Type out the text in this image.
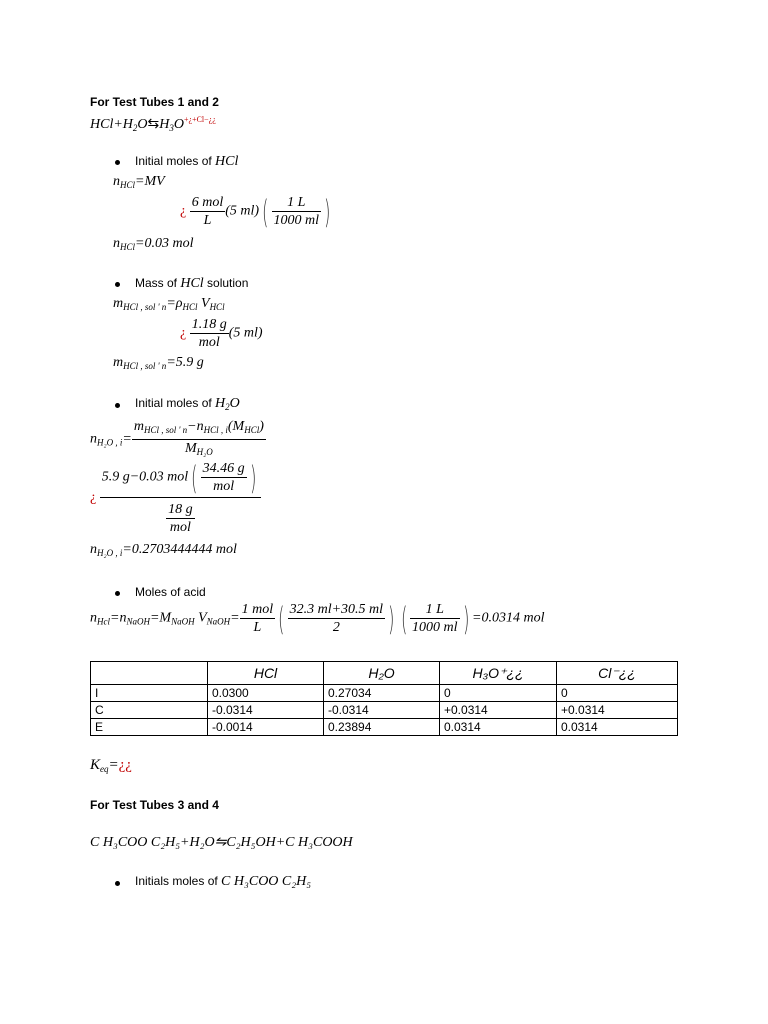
For Test Tubes 1 and 2
$HCl+H_2O⇆H_3O^{+¿+Cl-¿¿}$
Initial moles of HCl
$n_{HCl}=MV$
¿ $\frac{\text{6 mol}}{L} (5$ $ml)( \frac{1 L}{1000 ml}$ )
$n_{HCl}=0.03$ mol
Mass of HCl solution
$m_{HCl , sol ' n}=\rho_{HCl}$ $V_{HCl}$
¿ $\frac{1.18 g}{\text{mol}} (5$ ml)
$m_{HCl , sol ' n}=5.9$ g
Initial moles of $H_2O$
$n_{H_2O , i}= \frac{m_{HCl , sol ' n}-n_{HCl , i}(M_{HCl})}{M_{H_2O}}$
¿ $\frac{5.9 g-0.03 mol( \frac{34.46 g}{\text{mol}} )}{\frac{18 g}{\text{mol}}}$
$n_{H_2O , i}=0.2703444444$ mol
Moles of acid
$n_{Hcl}=n_{NaOH}=M_{NaOH}$ $V_{NaOH}= \frac{\text{1 mol}}{L}$ ( $\frac{32.3 ml+30.5 ml}{2}$ ) ( $\frac{1 L}{1000 ml}$ ) =0.0314 mol
	HCl	H₂O	H₃O⁺¿¿	Cl⁻¿¿
I	0.0300	0.27034	0	0
C	-0.0314	-0.0314	+0.0314	+0.0314
E	-0.0014	0.23894	0.0314	0.0314
$K_{eq}=¿¿$
For Test Tubes 3 and 4
C H₃COO C₂H₅+H₂O⇋C₂H₅OH+C H₃COOH
Initials moles of C H₃COO C₂H₅
